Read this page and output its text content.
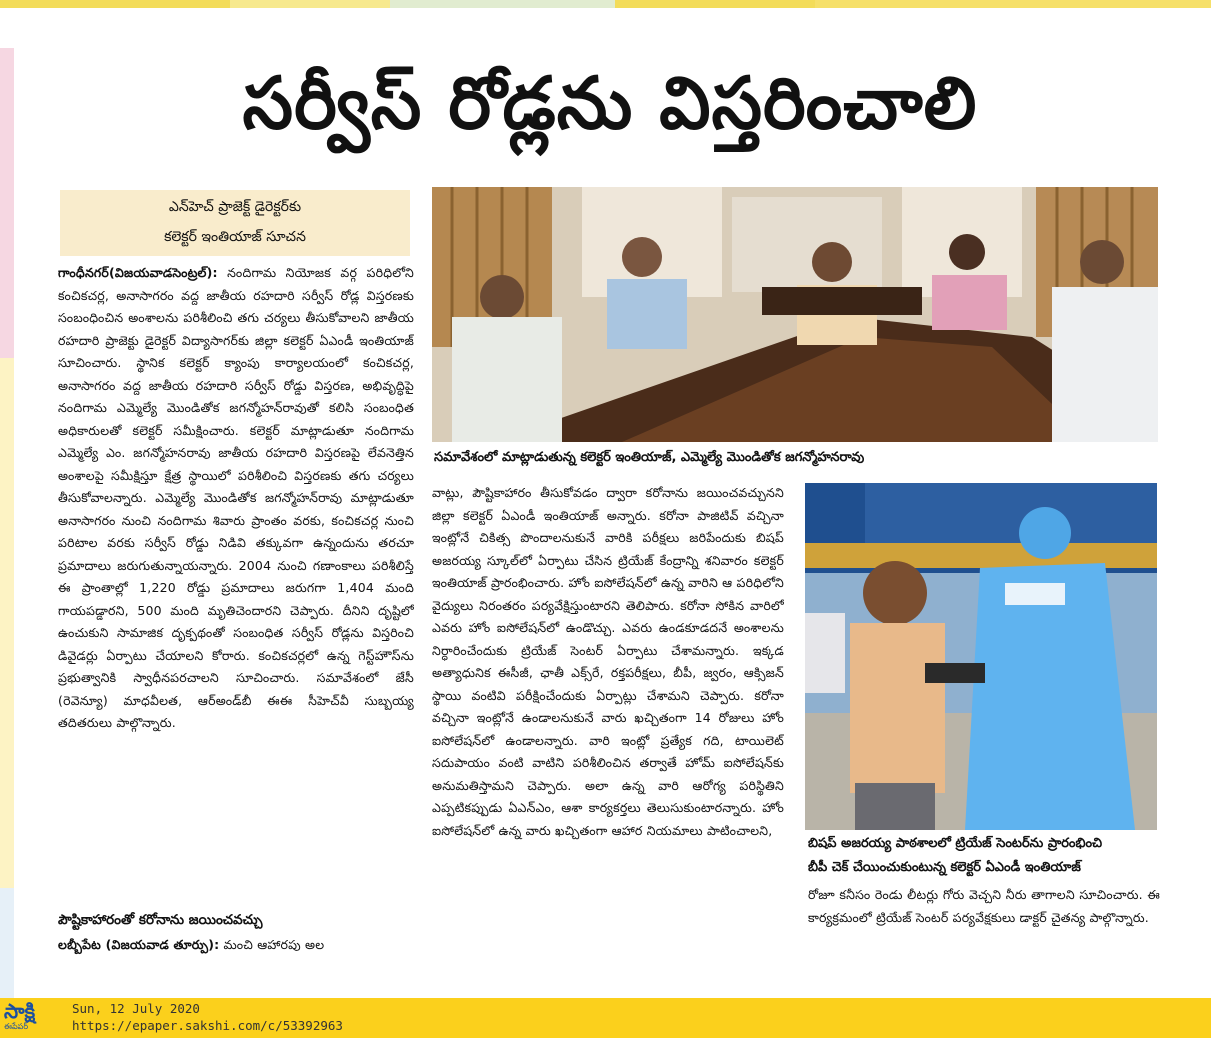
సర్వీస్ రోడ్లను విస్తరించాలి
ఎన్‌హెచ్ ప్రాజెక్ట్ డైరెక్టర్‌కు
కలెక్టర్ ఇంతియాజ్ సూచన

గాంధీనగర్(విజయవాడసెంట్రల్): నందిగామ నియోజక వర్గ పరిధిలోని కంచికచర్ల, అనాసాగరం వద్ద జాతీయ రహదారి సర్వీస్ రోడ్ల విస్తరణకు సంబంధించిన అంశాలను పరిశీలించి తగు చర్యలు తీసుకోవాలని జాతీయ రహదారి ప్రాజెక్టు డైరెక్టర్ విద్యాసాగర్‌కు జిల్లా కలెక్టర్ ఏఎండీ ఇంతియాజ్ సూచించారు. స్థానిక కలెక్టర్ క్యాంపు కార్యాలయంలో కంచికచర్ల, అనాసాగరం వద్ద జాతీయ రహదారి సర్వీస్ రోడ్డు విస్తరణ, అభివృద్ధిపై నందిగామ ఎమ్మెల్యే మొండితోక జగన్మోహన్‌రావుతో కలిసి సంబంధిత అధికారులతో కలెక్టర్ సమీక్షించారు. కలెక్టర్ మాట్లాడుతూ నందిగామ ఎమ్మెల్యే ఎం. జగన్మోహనరావు జాతీయ రహదారి విస్తరణపై లేవనెత్తిన అంశాలపై సమీక్షిస్తూ క్షేత్ర స్థాయిలో పరిశీలించి విస్తరణకు తగు చర్యలు తీసుకోవాలన్నారు. ఎమ్మెల్యే మొండితోక జగన్మోహన్‌రావు మాట్లాడుతూ అనాసాగరం నుంచి నందిగామ శివారు ప్రాంతం వరకు, కంచికచర్ల నుంచి పరిటాల వరకు సర్వీస్ రోడ్డు నిడివి తక్కువగా ఉన్నందును తరచూ ప్రమాదాలు జరుగుతున్నాయన్నారు. 2004 నుంచి గణాంకాలు పరిశీలిస్తే ఈ ప్రాంతాల్లో 1,220 రోడ్డు ప్రమాదాలు జరుగగా 1,404 మంది గాయపడ్డారని, 500 మంది మృతిచెందారని చెప్పారు. దీనిని దృష్టిలో ఉంచుకుని సామాజిక దృక్పథంతో సంబంధిత సర్వీస్ రోడ్లను విస్తరించి డివైడర్లు ఏర్పాటు చేయాలని కోరారు. కంచికచర్లలో ఉన్న గెస్ట్‌హౌస్‌ను ప్రభుత్వానికి స్వాధీనపరచాలని సూచించారు. సమావేశంలో జేసీ (రెవెన్యూ) మాధవీలత, ఆర్‌అండ్‌బీ ఈఈ సీహెచ్‌వీ సుబ్బయ్య తదితరులు పాల్గొన్నారు.

పౌష్టికాహారంతో కరోనాను జయించవచ్చు

లబ్బీపేట (విజయవాడ తూర్పు): మంచి ఆహారపు అల

సమావేశంలో మాట్లాడుతున్న కలెక్టర్ ఇంతియాజ్, ఎమ్మెల్యే మొండితోక జగన్మోహనరావు

వాట్లు, పౌష్టికాహారం తీసుకోవడం ద్వారా కరోనాను జయించవచ్చునని జిల్లా కలెక్టర్ ఏఎండీ ఇంతియాజ్ అన్నారు. కరోనా పాజిటివ్ వచ్చినా ఇంట్లోనే చికిత్స పొందాలనుకునే వారికి పరీక్షలు జరిపేందుకు బిషప్ అజరయ్య స్కూల్‌లో ఏర్పాటు చేసిన ట్రియేజ్ కేంద్రాన్ని శనివారం కలెక్టర్ ఇంతియాజ్ ప్రారంభించారు. హోం ఐసోలేషన్‌లో ఉన్న వారిని ఆ పరిధిలోని వైద్యులు నిరంతరం పర్యవేక్షిస్తుంటారని తెలిపారు. కరోనా సోకిన వారిలో ఎవరు హోం ఐసోలేషన్‌లో ఉండొచ్చు. ఎవరు ఉండకూడదనే అంశాలను నిర్ధారించేందుకు ట్రియేజ్ సెంటర్ ఏర్పాటు చేశామన్నారు. ఇక్కడ అత్యాధునిక ఈసీజీ, ఛాతీ ఎక్స్‌రే, రక్తపరీక్షలు, బీపీ, జ్వరం, ఆక్సిజన్ స్థాయి వంటివి పరీక్షించేందుకు ఏర్పాట్లు చేశామని చెప్పారు. కరోనా వచ్చినా ఇంట్లోనే ఉండాలనుకునే వారు ఖచ్చితంగా 14 రోజులు హోం ఐసోలేషన్‌లో ఉండాలన్నారు. వారి ఇంట్లో ప్రత్యేక గది, టాయిలెట్ సదుపాయం వంటి వాటిని పరిశీలించిన తర్వాతే హోమ్ ఐసోలేషన్‌కు అనుమతిస్తామని చెప్పారు. అలా ఉన్న వారి ఆరోగ్య పరిస్థితిని ఎప్పటికప్పుడు ఏఎన్‌ఎం, ఆశా కార్యకర్తలు తెలుసుకుంటారన్నారు. హోం ఐసోలేషన్‌లో ఉన్న వారు ఖచ్చితంగా ఆహార నియమాలు పాటించాలని,

బిషప్ అజరయ్య పాఠశాలలో ట్రియేజ్ సెంటర్‌ను ప్రారంభించి
బీపీ చెక్ చేయించుకుంటున్న కలెక్టర్ ఏఎండీ ఇంతియాజ్

రోజూ కనీసం రెండు లీటర్లు గోరు వెచ్చని నీరు తాగాలని సూచించారు. ఈ కార్యక్రమంలో ట్రియేజ్ సెంటర్ పర్యవేక్షకులు డాక్టర్ చైతన్య పాల్గొన్నారు.

సాక్షి
ఈపేపర్
Sun, 12 July 2020
https://epaper.sakshi.com/c/53392963
